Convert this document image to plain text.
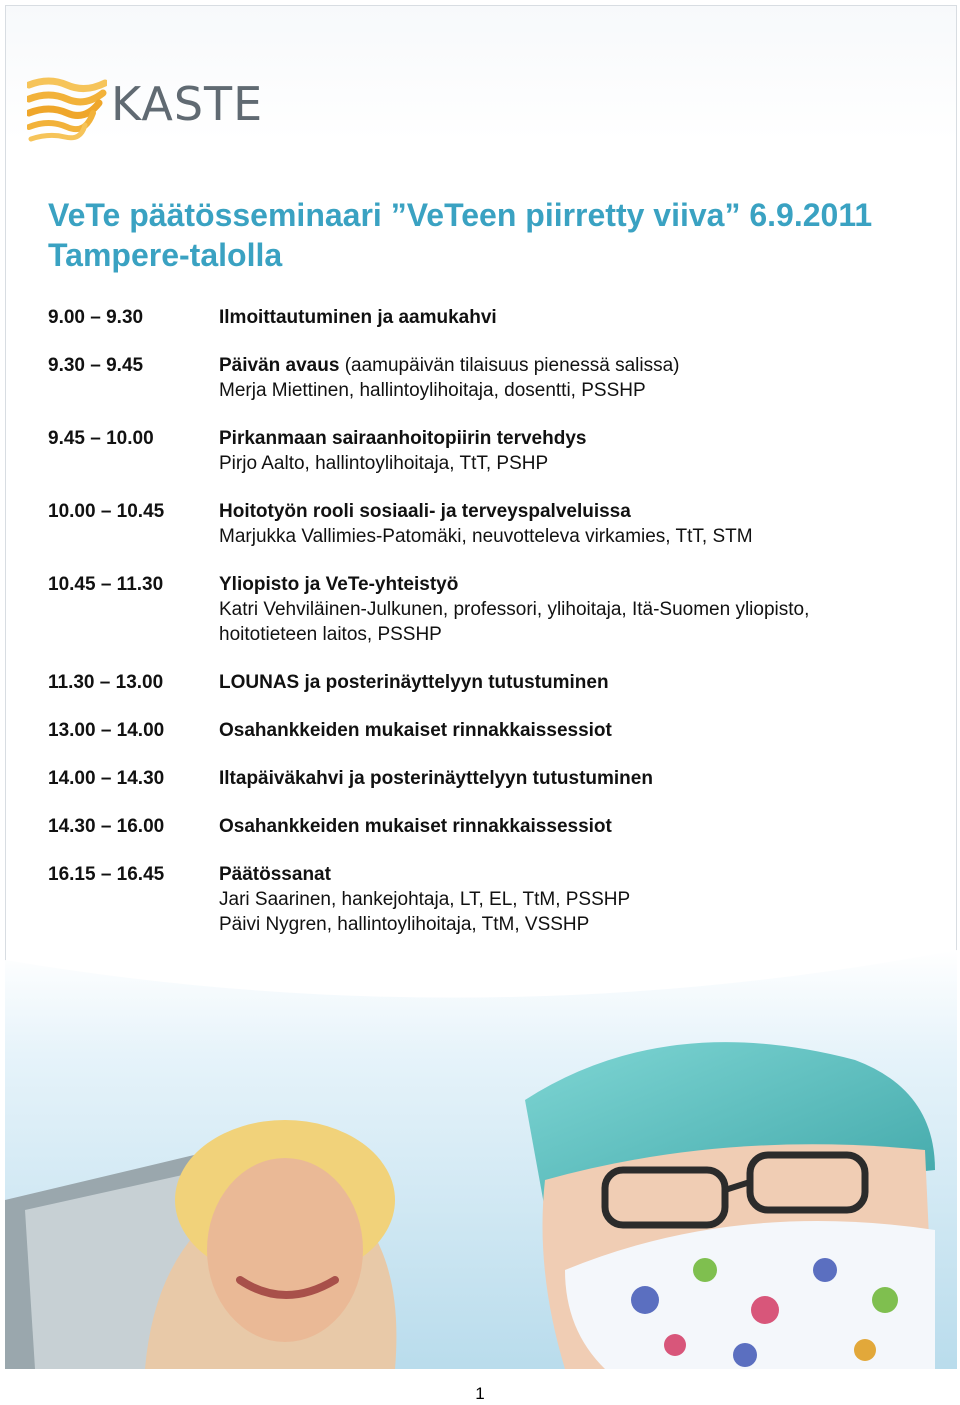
KASTE
VeTe päätösseminaari ”VeTeen piirretty viiva” 6.9.2011
Tampere-talolla
9.00 – 9.30	Ilmoittautuminen ja aamukahvi
9.30 – 9.45	Päivän avaus (aamupäivän tilaisuus pienessä salissa)
Merja Miettinen, hallintoylihoitaja, dosentti, PSSHP
9.45 – 10.00	Pirkanmaan sairaanhoitopiirin tervehdys
Pirjo Aalto, hallintoylihoitaja, TtT, PSHP
10.00 – 10.45	Hoitotyön rooli sosiaali- ja terveyspalveluissa
Marjukka Vallimies-Patomäki, neuvotteleva virkamies, TtT, STM
10.45 – 11.30	Yliopisto ja VeTe-yhteistyö
Katri Vehviläinen-Julkunen, professori, ylihoitaja, Itä-Suomen yliopisto,
hoitotieteen laitos, PSSHP
11.30 – 13.00	LOUNAS ja posterinäyttelyyn tutustuminen
13.00 – 14.00	Osahankkeiden mukaiset rinnakkaissessiot
14.00 – 14.30	Iltapäiväkahvi ja posterinäyttelyyn tutustuminen
14.30 – 16.00	Osahankkeiden mukaiset rinnakkaissessiot
16.15 – 16.45	Päätössanat
Jari Saarinen, hankejohtaja, LT, EL, TtM, PSSHP
Päivi Nygren, hallintoylihoitaja, TtM, VSSHP
1
